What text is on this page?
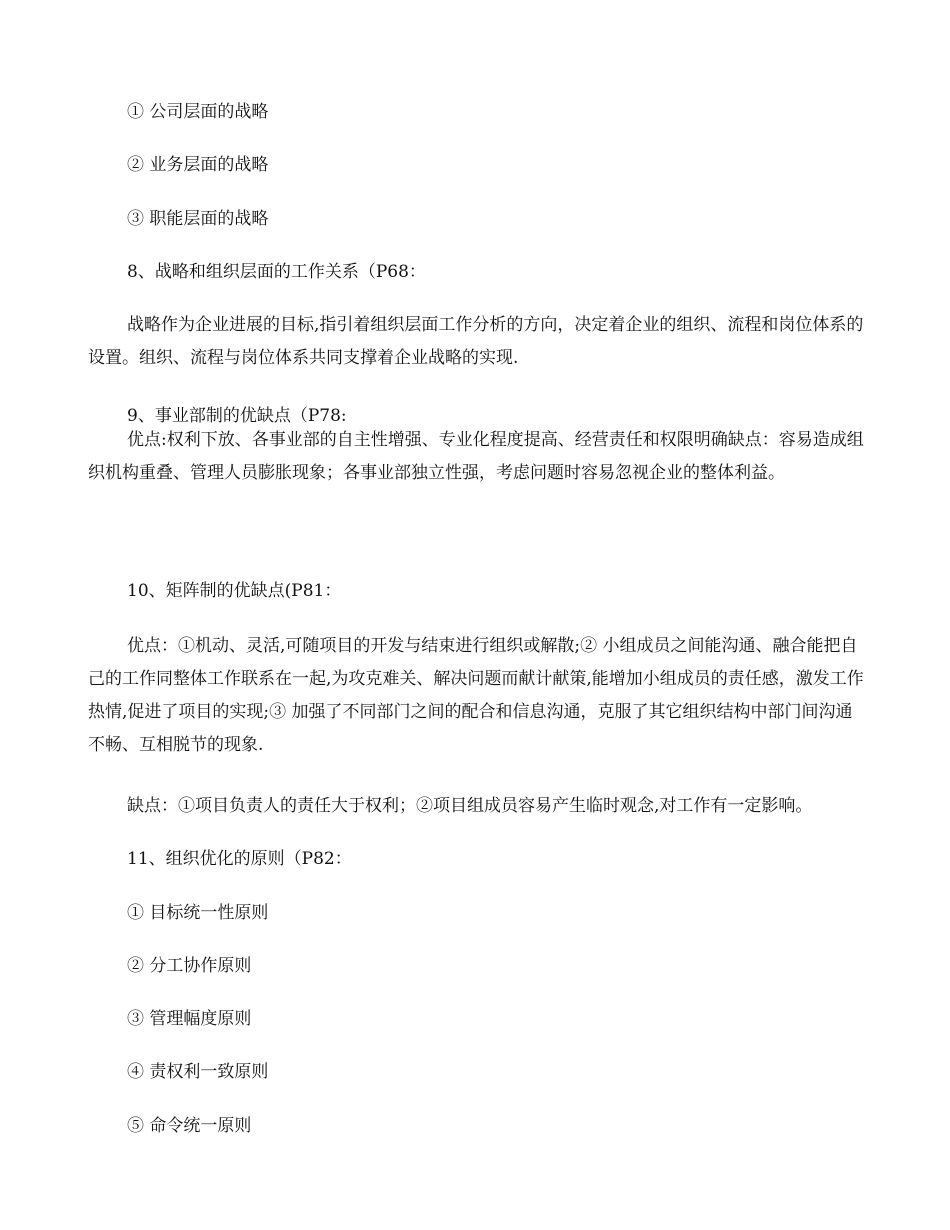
① 公司层面的战略
② 业务层面的战略
③ 职能层面的战略
8、战略和组织层面的工作关系（P68：
战略作为企业进展的目标,指引着组织层面工作分析的方向，决定着企业的组织、流程和岗位体系的设置。组织、流程与岗位体系共同支撑着企业战略的实现.
9、事业部制的优缺点（P78:
优点:权利下放、各事业部的自主性增强、专业化程度提高、经营责任和权限明确缺点：容易造成组织机构重叠、管理人员膨胀现象；各事业部独立性强，考虑问题时容易忽视企业的整体利益。
10、矩阵制的优缺点(P81：
优点：①机动、灵活,可随项目的开发与结束进行组织或解散;② 小组成员之间能沟通、融合能把自己的工作同整体工作联系在一起,为攻克难关、解决问题而献计献策,能增加小组成员的责任感，激发工作热情,促进了项目的实现;③ 加强了不同部门之间的配合和信息沟通，克服了其它组织结构中部门间沟通不畅、互相脱节的现象.
缺点：①项目负责人的责任大于权利；②项目组成员容易产生临时观念,对工作有一定影响。
11、组织优化的原则（P82：
① 目标统一性原则
② 分工协作原则
③ 管理幅度原则
④ 责权利一致原则
⑤ 命令统一原则
